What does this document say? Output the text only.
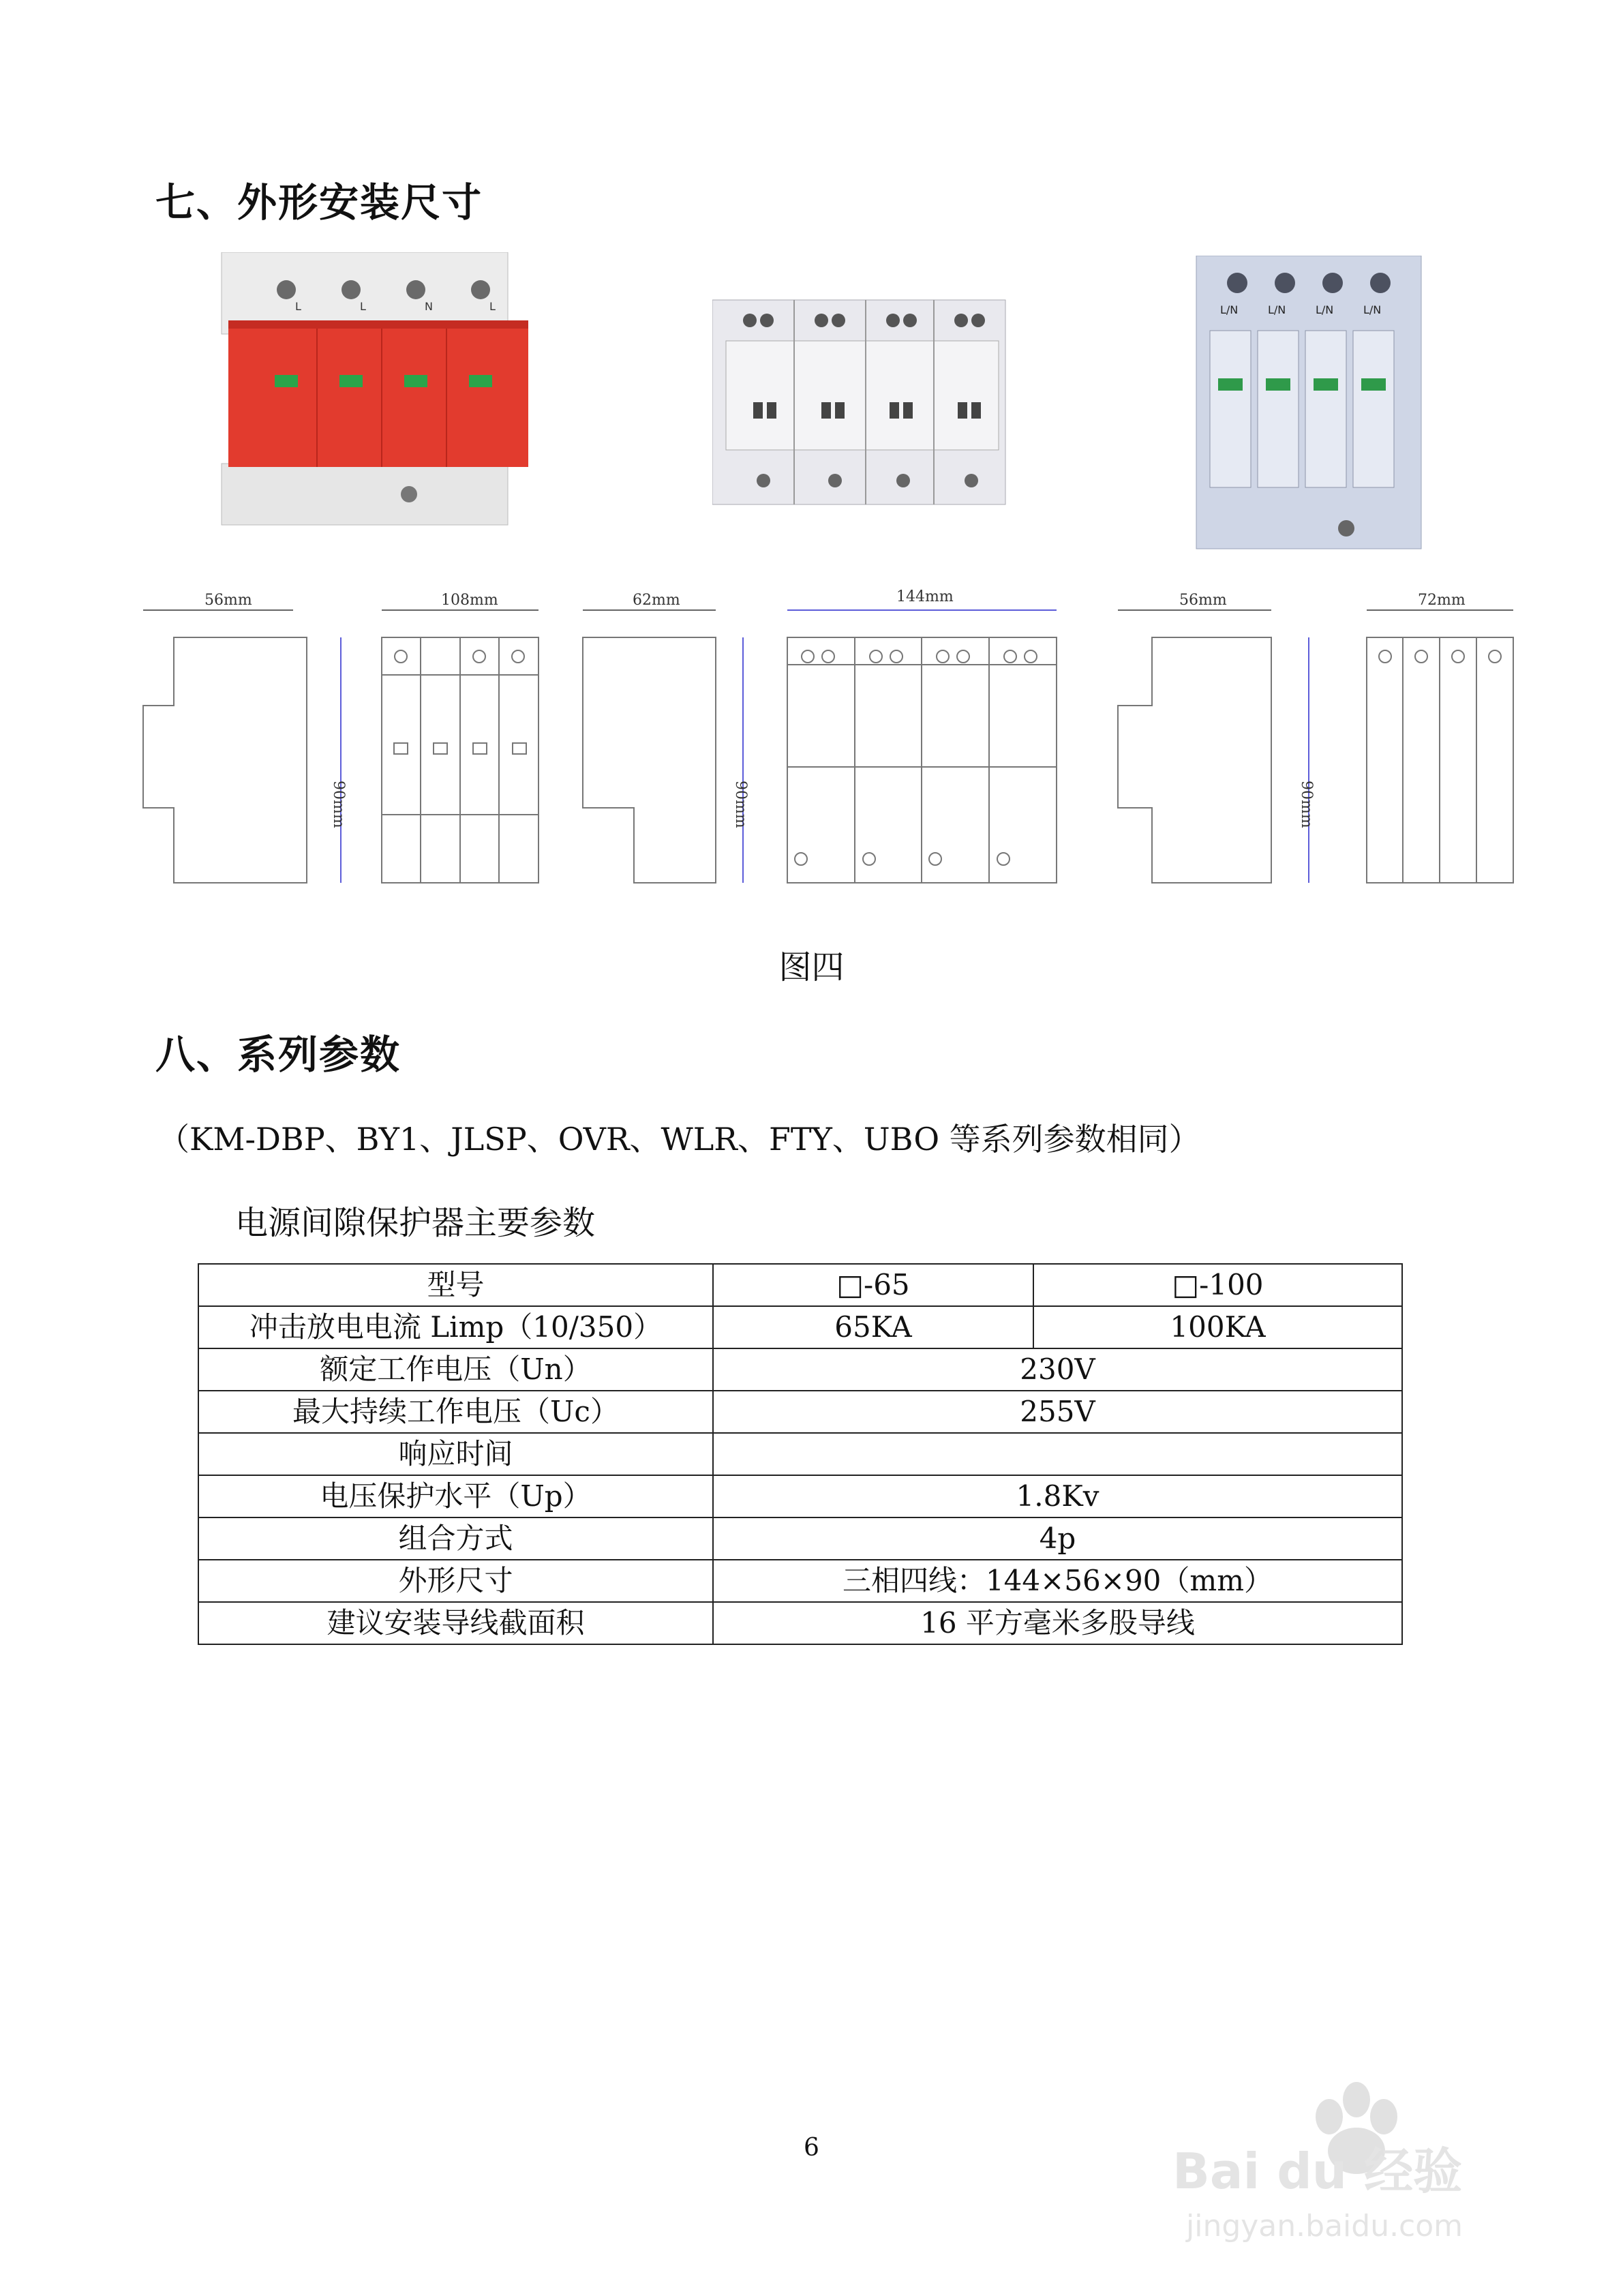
七、外形安装尺寸
L	L	N	L	L/N	L/N	L/N	L/N
56mm	108mm	62mm	144mm	56mm	72mm
90mm	90mm	90mm
图四
八、系列参数
（KM-DBP、BY1、JLSP、OVR、WLR、FTY、UBO 等系列参数相同）
电源间隙保护器主要参数
型号	□-65	□-100
冲击放电电流 Limp（10/350）	65KA	100KA
额定工作电压（Un）	230V	
最大持续工作电压（Uc）	255V	
响应时间		
电压保护水平（Up）	1.8Kv	
组合方式	4p	
外形尺寸	三相四线：144×56×90（mm）	
建议安装导线截面积	16 平方毫米多股导线	
6	Bai du 经验
jingyan.baidu.com
